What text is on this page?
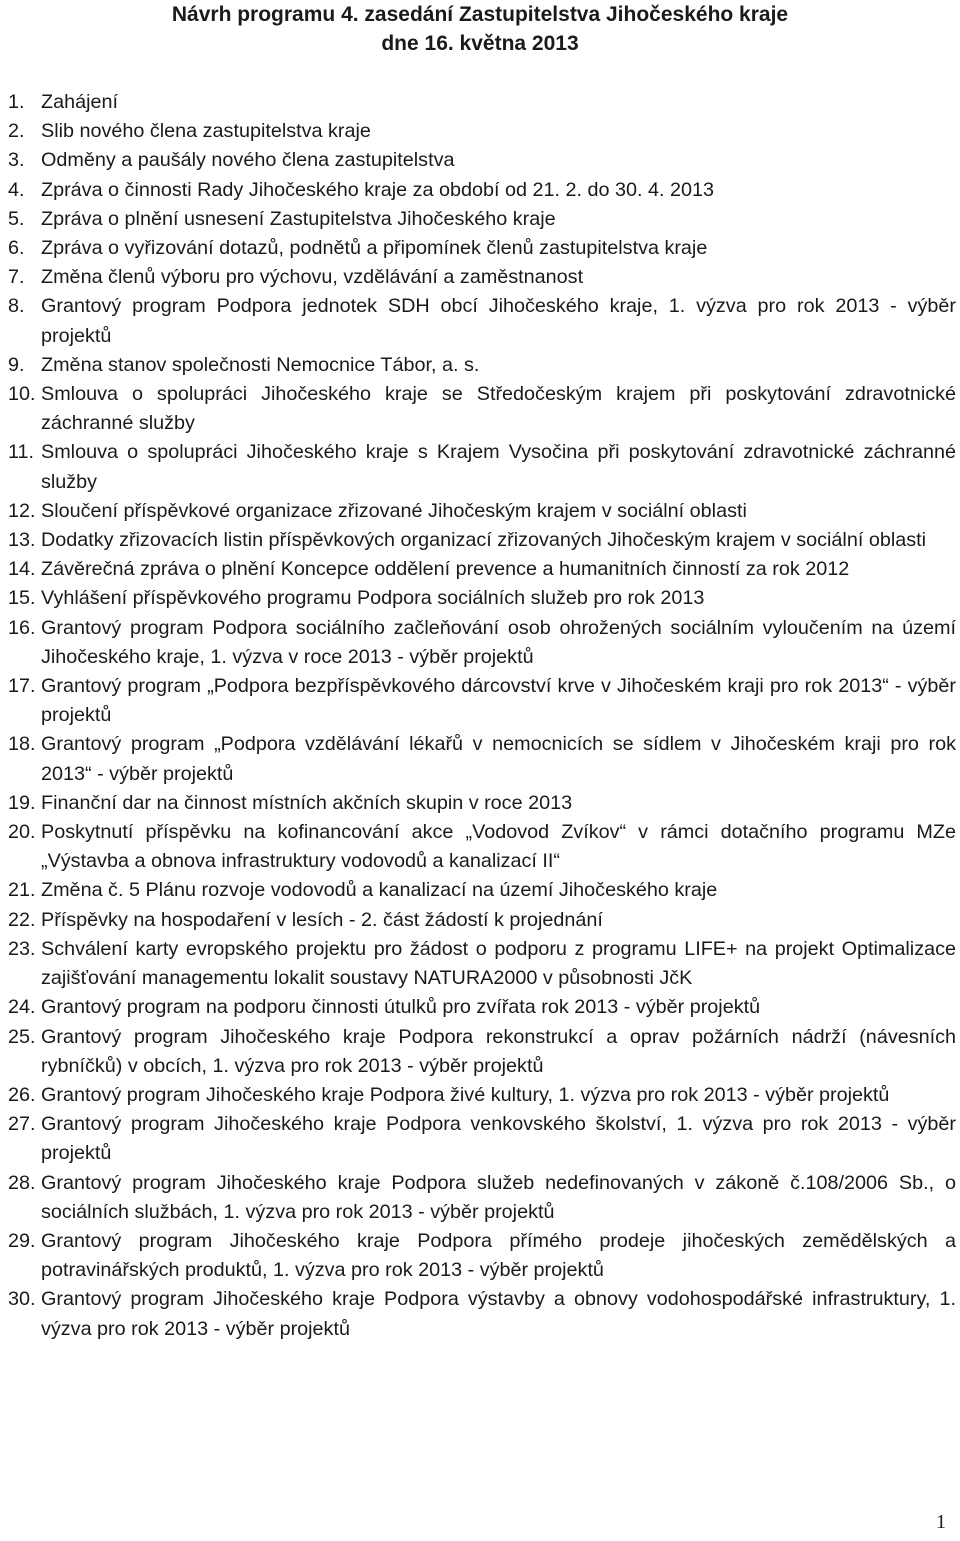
Návrh programu 4. zasedání Zastupitelstva Jihočeského kraje
dne 16. května 2013
1. Zahájení
2. Slib nového člena zastupitelstva kraje
3. Odměny a paušály nového člena zastupitelstva
4. Zpráva o činnosti Rady Jihočeského kraje za období od 21. 2. do 30. 4. 2013
5. Zpráva o plnění usnesení Zastupitelstva Jihočeského kraje
6. Zpráva o vyřizování dotazů, podnětů a připomínek členů zastupitelstva kraje
7. Změna členů výboru pro výchovu, vzdělávání a zaměstnanost
8. Grantový program Podpora jednotek SDH obcí Jihočeského kraje, 1. výzva pro rok 2013 - výběr projektů
9. Změna stanov společnosti Nemocnice Tábor, a. s.
10. Smlouva o spolupráci Jihočeského kraje se Středočeským krajem při poskytování zdravotnické záchranné služby
11. Smlouva o spolupráci Jihočeského kraje s Krajem Vysočina při poskytování zdravotnické záchranné služby
12. Sloučení příspěvkové organizace zřizované Jihočeským krajem v sociální oblasti
13. Dodatky zřizovacích listin příspěvkových organizací zřizovaných Jihočeským krajem v sociální oblasti
14. Závěrečná zpráva o plnění Koncepce oddělení prevence a humanitních činností za rok 2012
15. Vyhlášení příspěvkového programu Podpora sociálních služeb pro rok 2013
16. Grantový program Podpora sociálního začleňování osob ohrožených sociálním vyloučením na území Jihočeského kraje, 1. výzva v roce 2013 - výběr projektů
17. Grantový program „Podpora bezpříspěvkového dárcovství krve v Jihočeském kraji pro rok 2013“ - výběr projektů
18. Grantový program „Podpora vzdělávání lékařů v nemocnicích se sídlem v Jihočeském kraji pro rok 2013“ - výběr projektů
19. Finanční dar na činnost místních akčních skupin v roce 2013
20. Poskytnutí příspěvku na kofinancování akce „Vodovod Zvíkov“ v rámci dotačního programu MZe „Výstavba a obnova infrastruktury vodovodů a kanalizací II“
21. Změna č. 5 Plánu rozvoje vodovodů a kanalizací na území Jihočeského kraje
22. Příspěvky na hospodaření v lesích - 2. část žádostí k projednání
23. Schválení karty evropského projektu pro žádost o podporu z programu LIFE+ na projekt Optimalizace zajišťování managementu lokalit soustavy NATURA2000 v působnosti JčK
24. Grantový program na podporu činnosti útulků pro zvířata rok 2013 - výběr projektů
25. Grantový program Jihočeského kraje Podpora rekonstrukcí a oprav požárních nádrží (návesních rybníčků) v obcích, 1. výzva pro rok 2013 - výběr projektů
26. Grantový program Jihočeského kraje Podpora živé kultury, 1. výzva pro rok 2013 - výběr projektů
27. Grantový program Jihočeského kraje Podpora venkovského školství, 1. výzva pro rok 2013 - výběr projektů
28. Grantový program Jihočeského kraje Podpora služeb nedefinovaných v zákoně č.108/2006 Sb., o sociálních službách, 1. výzva pro rok 2013 - výběr projektů
29. Grantový program Jihočeského kraje Podpora přímého prodeje jihočeských zemědělských a potravinářských produktů, 1. výzva pro rok 2013 - výběr projektů
30. Grantový program Jihočeského kraje Podpora výstavby a obnovy vodohospodářské infrastruktury, 1. výzva pro rok 2013 - výběr projektů
1
